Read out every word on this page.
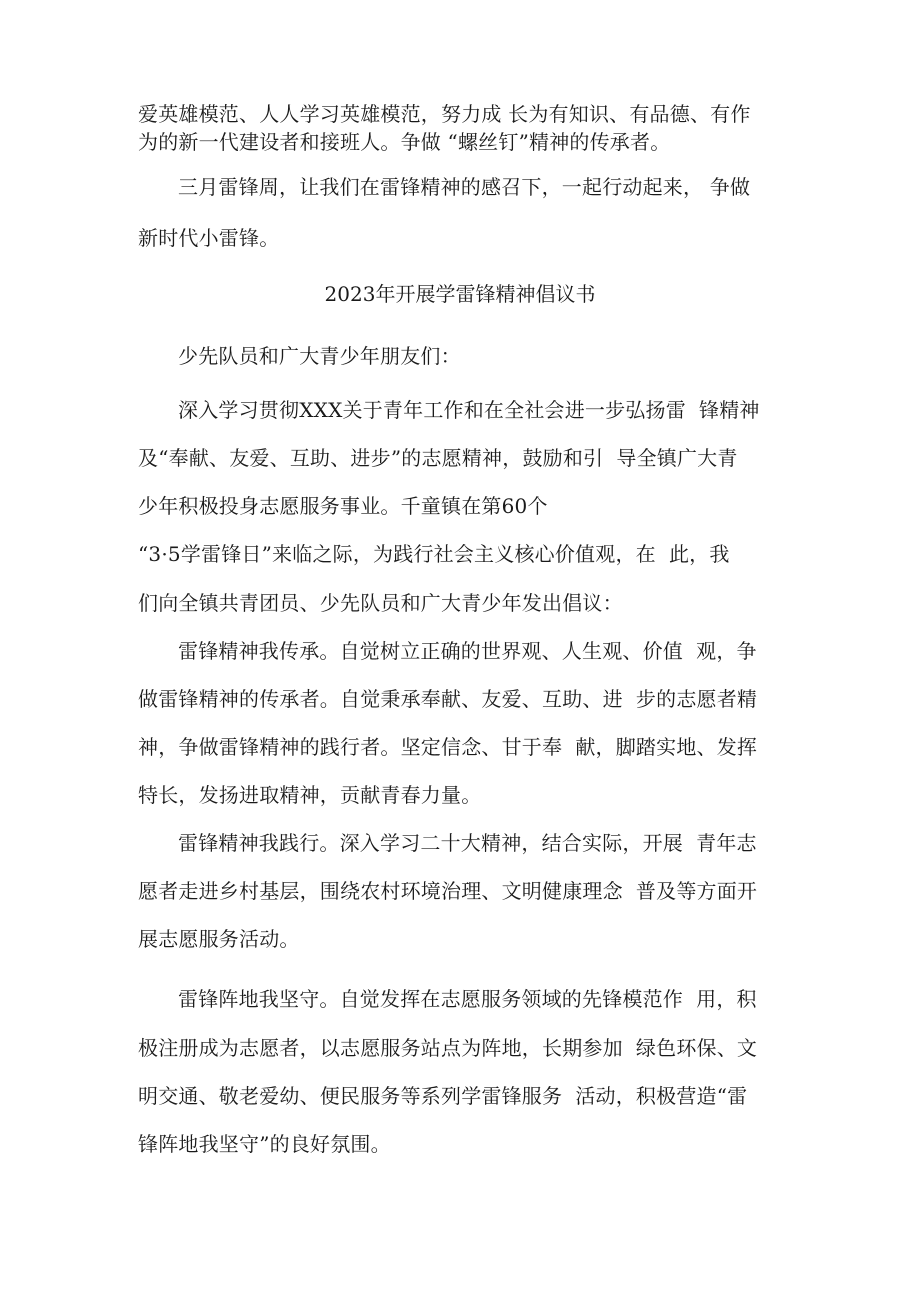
爱英雄模范、人人学习英雄模范，努力成 长为有知识、有品德、有作
为的新一代建设者和接班人。争做 “螺丝钉”精神的传承者。
三月雷锋周，让我们在雷锋精神的感召下，一起行动起来， 争做
新时代小雷锋。
2023年开展学雷锋精神倡议书
少先队员和广大青少年朋友们：
深入学习贯彻XXX关于青年工作和在全社会进一步弘扬雷  锋精神
及“奉献、友爱、互助、进步”的志愿精神，鼓励和引  导全镇广大青
少年积极投身志愿服务事业。千童镇在第60个
“3·5学雷锋日”来临之际，为践行社会主义核心价值观，在  此，我
们向全镇共青团员、少先队员和广大青少年发出倡议：
雷锋精神我传承。自觉树立正确的世界观、人生观、价值  观，争
做雷锋精神的传承者。自觉秉承奉献、友爱、互助、进  步的志愿者精
神，争做雷锋精神的践行者。坚定信念、甘于奉  献，脚踏实地、发挥
特长，发扬进取精神，贡献青春力量。
雷锋精神我践行。深入学习二十大精神，结合实际，开展  青年志
愿者走进乡村基层，围绕农村环境治理、文明健康理念  普及等方面开
展志愿服务活动。
雷锋阵地我坚守。自觉发挥在志愿服务领域的先锋模范作  用，积
极注册成为志愿者，以志愿服务站点为阵地，长期参加  绿色环保、文
明交通、敬老爱幼、便民服务等系列学雷锋服务  活动，积极营造“雷
锋阵地我坚守”的良好氛围。
